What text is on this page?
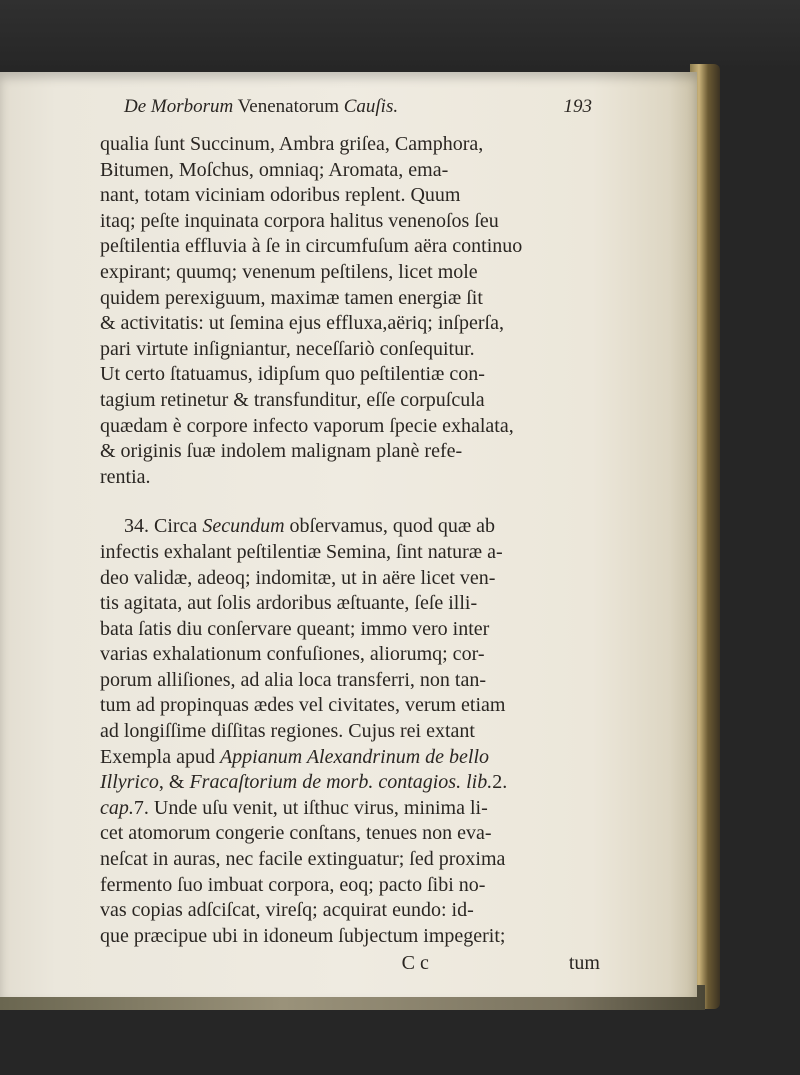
De Morborum Venenatorum Cauſis.	193
qualia ſunt Succinum, Ambra griſea, Camphora,
Bitumen, Moſchus, omniaq; Aromata, ema-
nant, totam viciniam odoribus replent. Quum
itaq; peſte inquinata corpora halitus venenoſos ſeu
peſtilentia effluvia à ſe in circumfuſum aëra continuo
expirant; quumq; venenum peſtilens, licet mole
quidem perexiguum, maximæ tamen energiæ ſit
& activitatis: ut ſemina ejus effluxa,aëriq; inſperſa,
pari virtute inſigniantur, neceſſariò conſequitur.
Ut certo ſtatuamus, idipſum quo peſtilentiæ con-
tagium retinetur & transfunditur, eſſe corpuſcula
quædam è corpore infecto vaporum ſpecie exhalata,
& originis ſuæ indolem malignam planè refe-
rentia.
34. Circa Secundum obſervamus, quod quæ ab
infectis exhalant peſtilentiæ Semina, ſint naturæ a-
deo validæ, adeoq; indomitæ, ut in aëre licet ven-
tis agitata, aut ſolis ardoribus æſtuante, ſeſe illi-
bata ſatis diu conſervare queant; immo vero inter
varias exhalationum confuſiones, aliorumq; cor-
porum alliſiones, ad alia loca transferri, non tan-
tum ad propinquas ædes vel civitates, verum etiam
ad longiſſime diſſitas regiones. Cujus rei extant
Exempla apud Appianum Alexandrinum de bello
Illyrico, & Fracaſtorium de morb. contagios. lib.2.
cap.7. Unde uſu venit, ut iſthuc virus, minima li-
cet atomorum congerie conſtans, tenues non eva-
neſcat in auras, nec facile extinguatur; ſed proxima
fermento ſuo imbuat corpora, eoq; pacto ſibi no-
vas copias adſciſcat, vireſq; acquirat eundo: id-
que præcipue ubi in idoneum ſubjectum impegerit;
C c	tum
